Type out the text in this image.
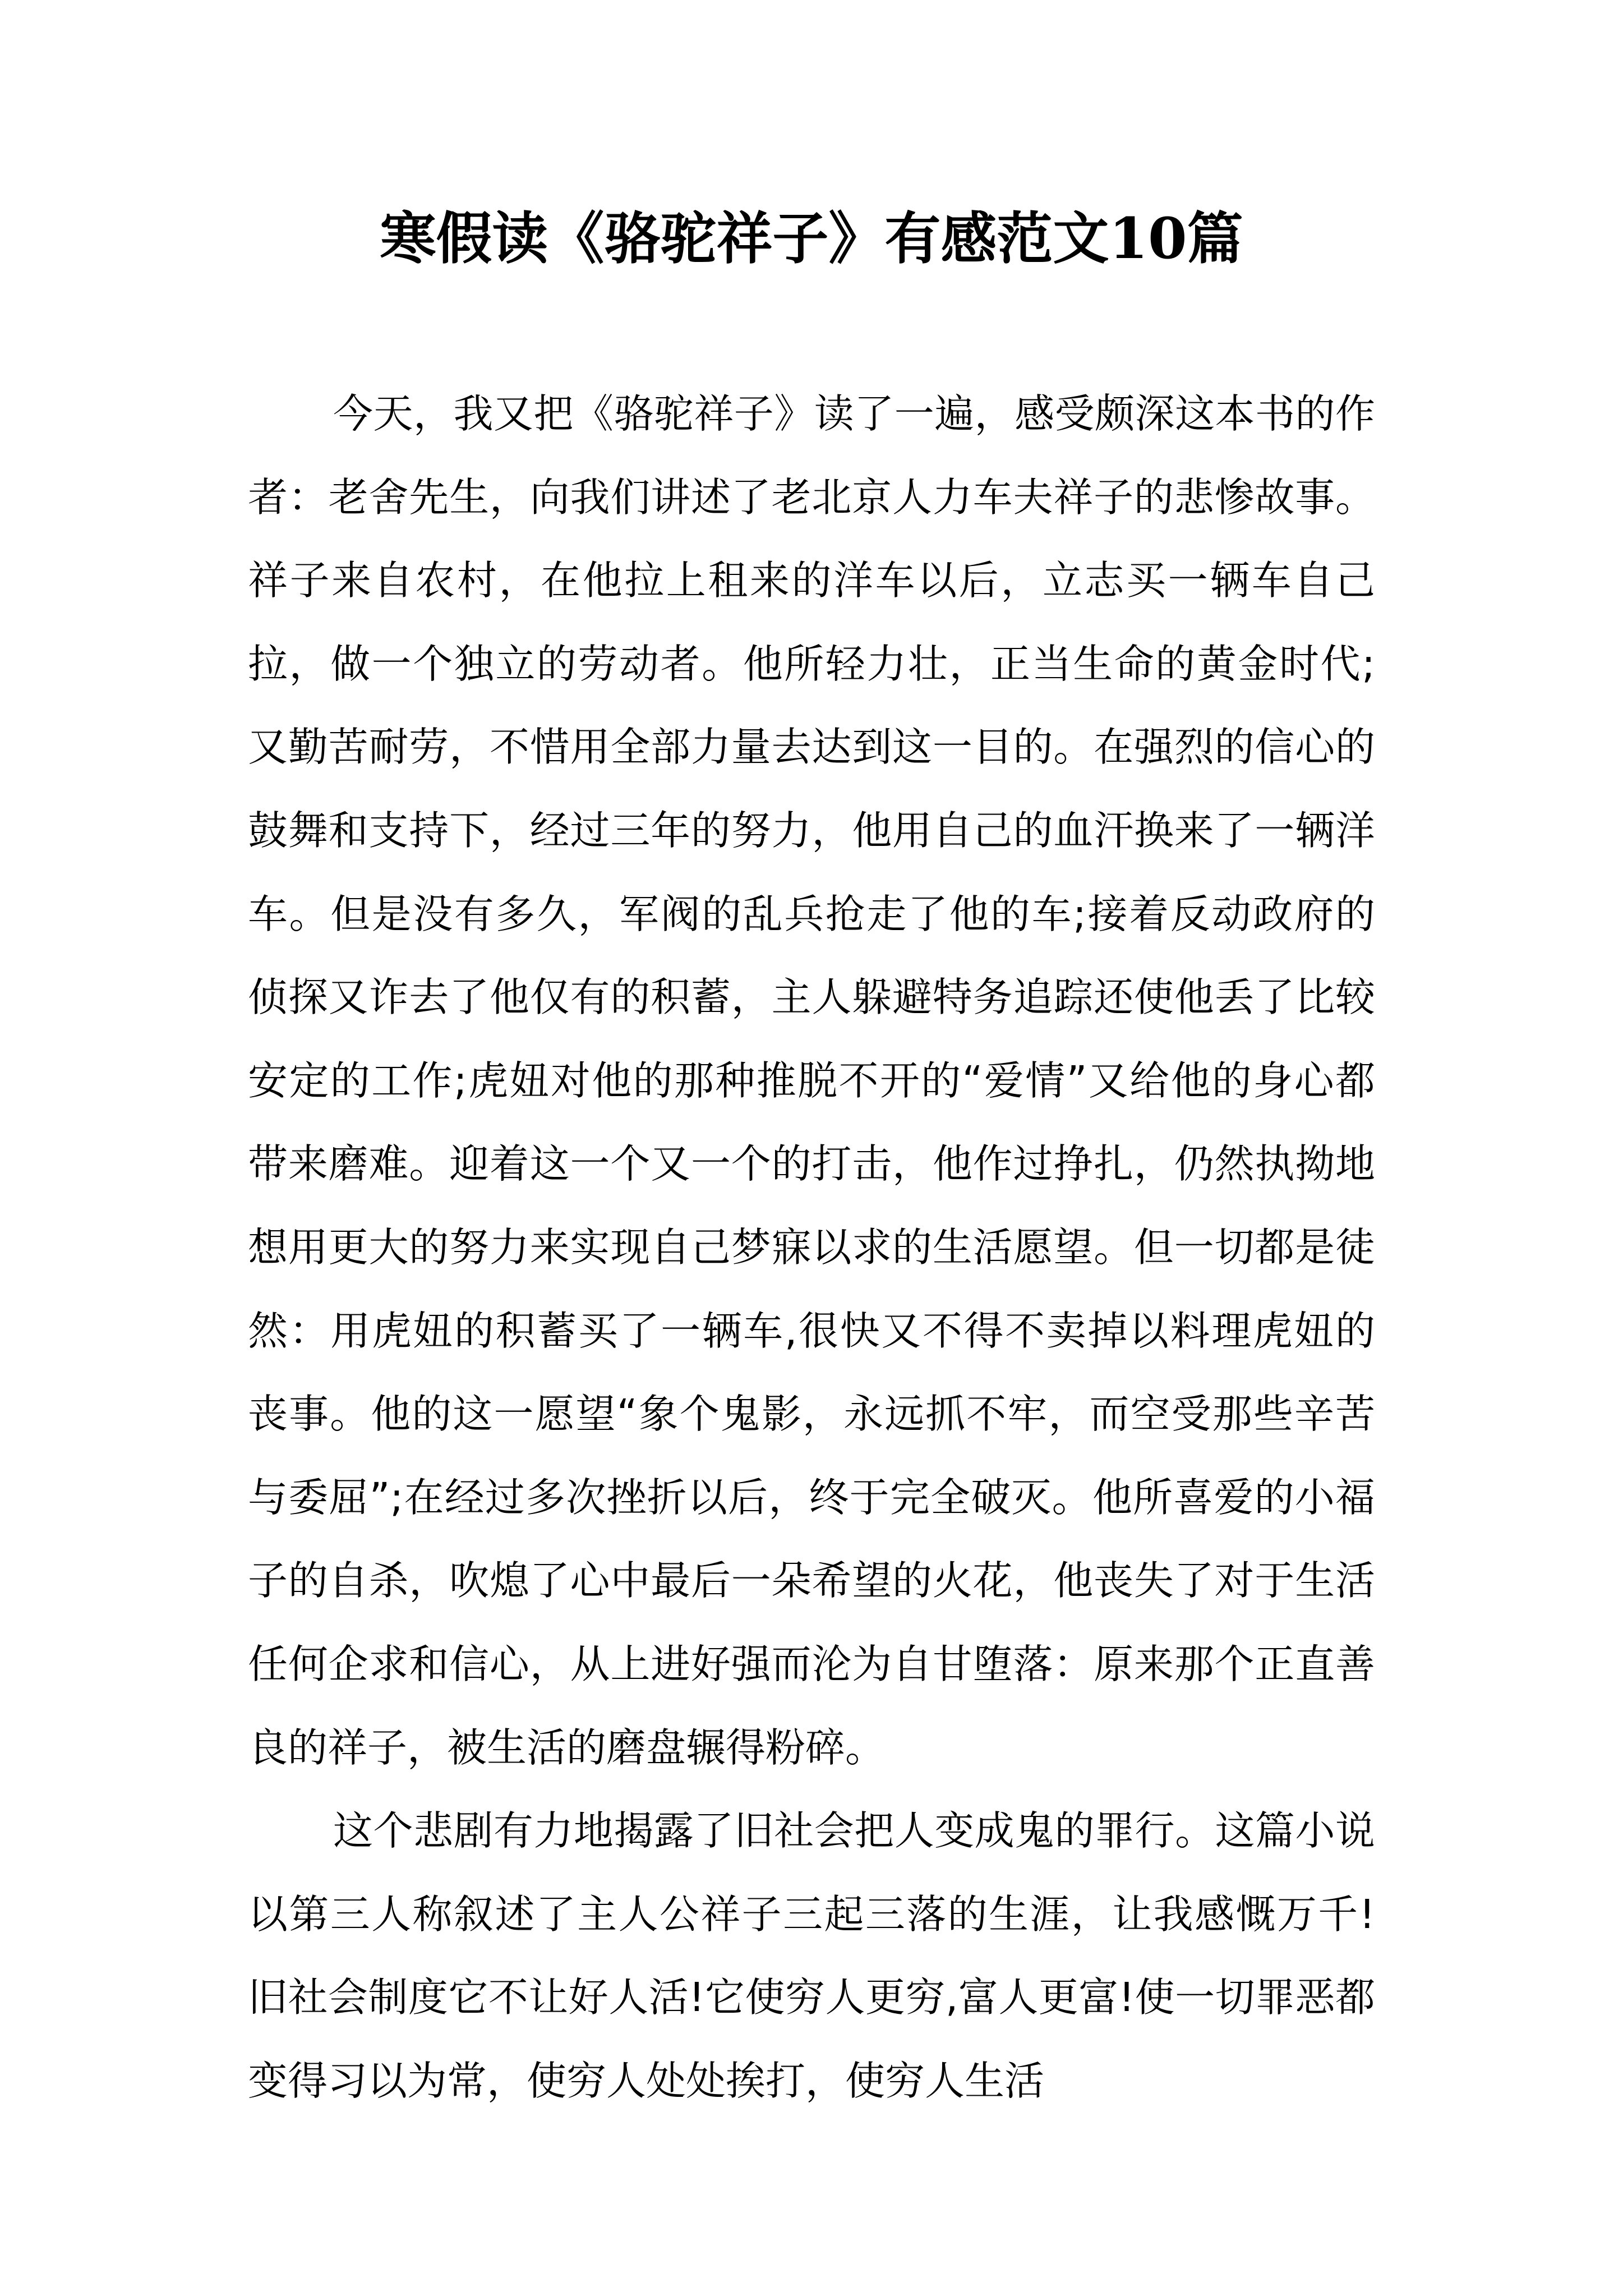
寒假读《骆驼祥子》有感范文10篇

今天，我又把《骆驼祥子》读了一遍，感受颇深这本书的作者：老舍先生，向我们讲述了老北京人力车夫祥子的悲惨故事。祥子来自农村，在他拉上租来的洋车以后，立志买一辆车自己拉，做一个独立的劳动者。他所轻力壮，正当生命的黄金时代;又勤苦耐劳，不惜用全部力量去达到这一目的。在强烈的信心的鼓舞和支持下，经过三年的努力，他用自己的血汗换来了一辆洋车。但是没有多久，军阀的乱兵抢走了他的车;接着反动政府的侦探又诈去了他仅有的积蓄，主人躲避特务追踪还使他丢了比较安定的工作;虎妞对他的那种推脱不开的“爱情”又给他的身心都带来磨难。迎着这一个又一个的打击，他作过挣扎，仍然执拗地想用更大的努力来实现自己梦寐以求的生活愿望。但一切都是徒然：用虎妞的积蓄买了一辆车,很快又不得不卖掉以料理虎妞的丧事。他的这一愿望“象个鬼影，永远抓不牢，而空受那些辛苦与委屈”;在经过多次挫折以后，终于完全破灭。他所喜爱的小福子的自杀，吹熄了心中最后一朵希望的火花，他丧失了对于生活任何企求和信心，从上进好强而沦为自甘堕落：原来那个正直善良的祥子，被生活的磨盘辗得粉碎。

这个悲剧有力地揭露了旧社会把人变成鬼的罪行。这篇小说以第三人称叙述了主人公祥子三起三落的生涯，让我感慨万千!旧社会制度它不让好人活!它使穷人更穷,富人更富!使一切罪恶都变得习以为常，使穷人处处挨打，使穷人生活
